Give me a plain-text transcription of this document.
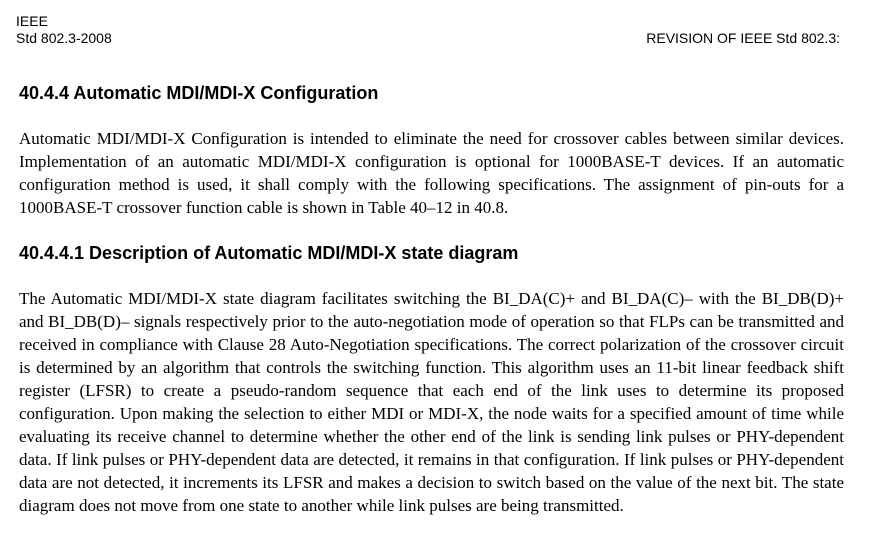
IEEE
Std 802.3-2008	REVISION OF IEEE Std 802.3:
40.4.4 Automatic MDI/MDI-X Configuration

Automatic MDI/MDI-X Configuration is intended to eliminate the need for crossover cables between similar devices. Implementation of an automatic MDI/MDI-X configuration is optional for 1000BASE-T devices. If an automatic configuration method is used, it shall comply with the following specifications. The assignment of pin-outs for a 1000BASE-T crossover function cable is shown in Table 40–12 in 40.8.

40.4.4.1 Description of Automatic MDI/MDI-X state diagram

The Automatic MDI/MDI-X state diagram facilitates switching the BI_DA(C)+ and BI_DA(C)– with the BI_DB(D)+ and BI_DB(D)– signals respectively prior to the auto-negotiation mode of operation so that FLPs can be transmitted and received in compliance with Clause 28 Auto-Negotiation specifications. The correct polarization of the crossover circuit is determined by an algorithm that controls the switching function. This algorithm uses an 11-bit linear feedback shift register (LFSR) to create a pseudo-random sequence that each end of the link uses to determine its proposed configuration. Upon making the selection to either MDI or MDI-X, the node waits for a specified amount of time while evaluating its receive channel to determine whether the other end of the link is sending link pulses or PHY-dependent data. If link pulses or PHY-dependent data are detected, it remains in that configuration. If link pulses or PHY-dependent data are not detected, it increments its LFSR and makes a decision to switch based on the value of the next bit. The state diagram does not move from one state to another while link pulses are being transmitted.
